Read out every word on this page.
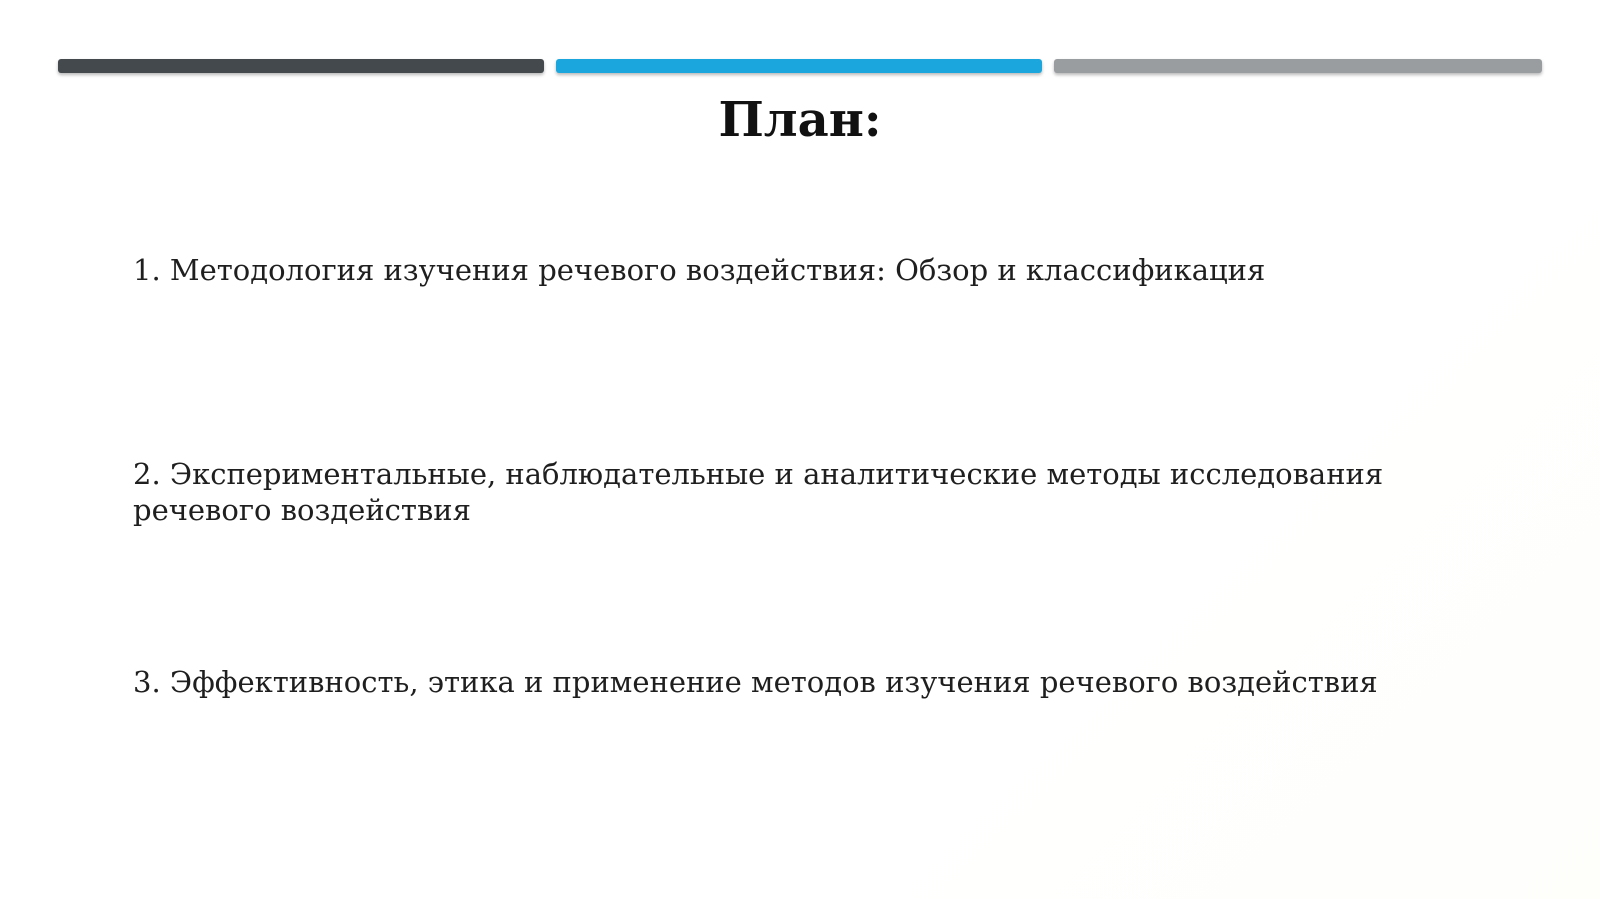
План:

1. Методология изучения речевого воздействия: Обзор и классификация

2. Экспериментальные, наблюдательные и аналитические методы исследования речевого воздействия

3. Эффективность, этика и применение методов изучения речевого воздействия
